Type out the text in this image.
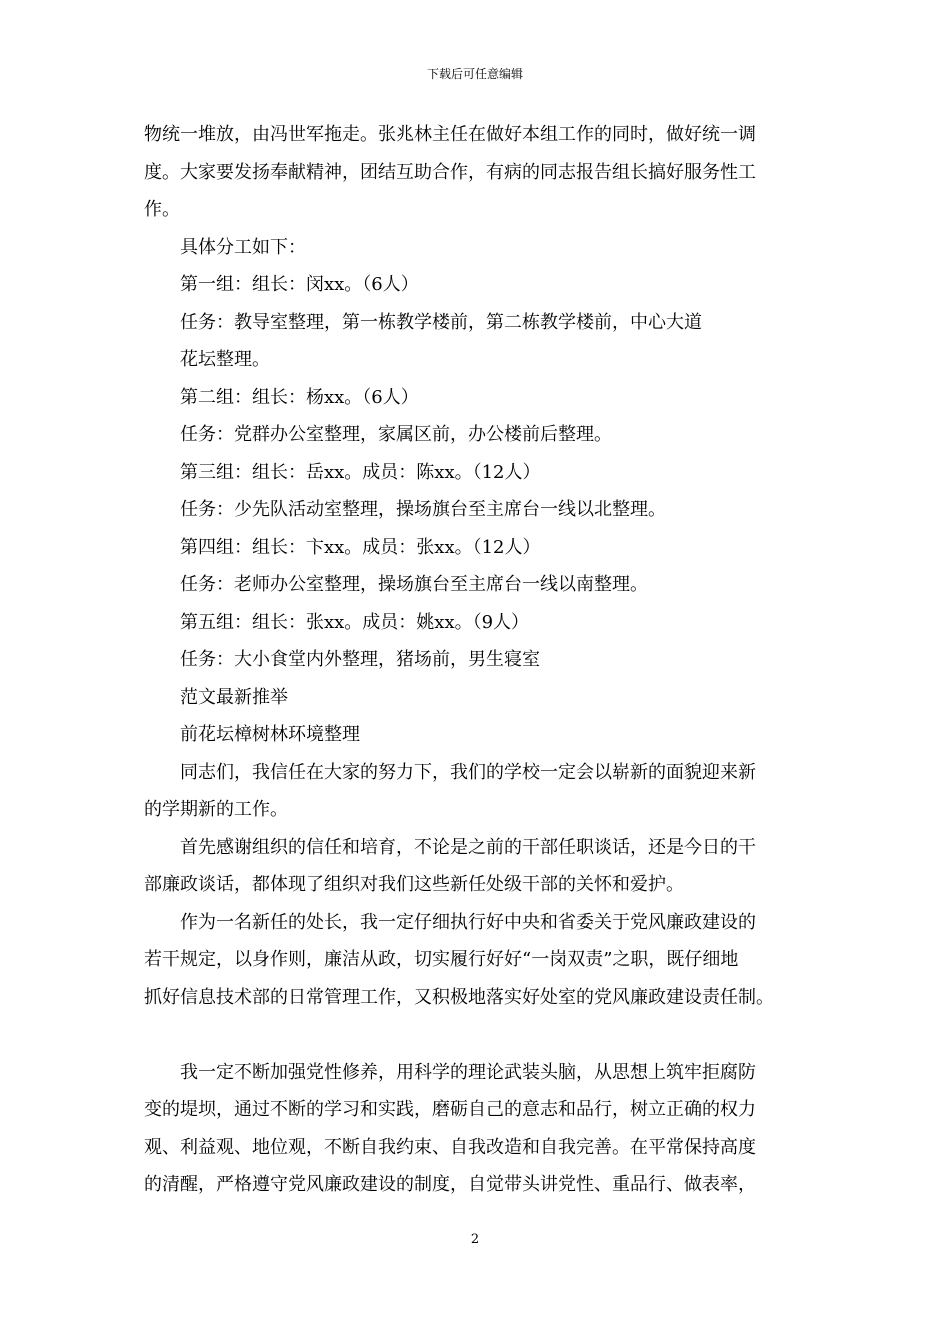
下载后可任意编辑

物统一堆放，由冯世军拖走。张兆林主任在做好本组工作的同时，做好统一调

度。大家要发扬奉献精神，团结互助合作，有病的同志报告组长搞好服务性工

作。

具体分工如下：

第一组：组长：闵xx。（6人）

任务：教导室整理，第一栋教学楼前，第二栋教学楼前，中心大道

花坛整理。

第二组：组长：杨xx。（6人）

任务：党群办公室整理，家属区前，办公楼前后整理。

第三组：组长：岳xx。成员：陈xx。（12人）

任务：少先队活动室整理，操场旗台至主席台一线以北整理。

第四组：组长：卞xx。成员：张xx。（12人）

任务：老师办公室整理，操场旗台至主席台一线以南整理。

第五组：组长：张xx。成员：姚xx。（9人）

任务：大小食堂内外整理，猪场前，男生寝室

范文最新推举

前花坛樟树林环境整理

同志们，我信任在大家的努力下，我们的学校一定会以崭新的面貌迎来新

的学期新的工作。

首先感谢组织的信任和培育，不论是之前的干部任职谈话，还是今日的干

部廉政谈话，都体现了组织对我们这些新任处级干部的关怀和爱护。

作为一名新任的处长，我一定仔细执行好中央和省委关于党风廉政建设的

若干规定，以身作则，廉洁从政，切实履行好好“一岗双责”之职，既仔细地

抓好信息技术部的日常管理工作，又积极地落实好处室的党风廉政建设责任制。

我一定不断加强党性修养，用科学的理论武装头脑，从思想上筑牢拒腐防

变的堤坝，通过不断的学习和实践，磨砺自己的意志和品行，树立正确的权力

观、利益观、地位观，不断自我约束、自我改造和自我完善。在平常保持高度

的清醒，严格遵守党风廉政建设的制度，自觉带头讲党性、重品行、做表率，

2
